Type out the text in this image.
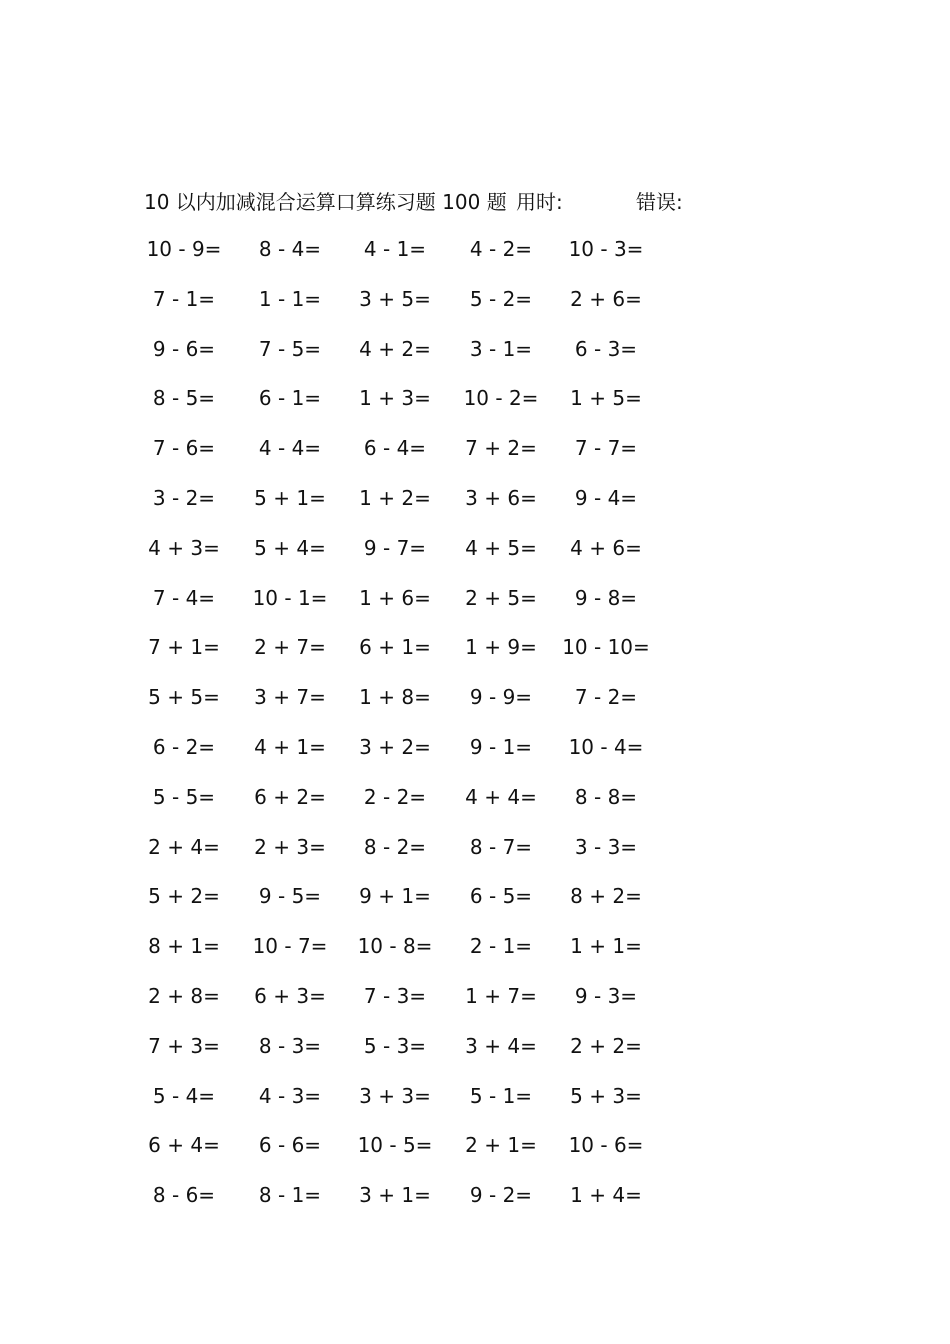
10 以内加减混合运算口算练习题 100 题 用时:	错误:
10 - 9=	8 - 4=	4 - 1=	4 - 2=	10 - 3=
7 - 1=	1 - 1=	3 + 5=	5 - 2=	2 + 6=
9 - 6=	7 - 5=	4 + 2=	3 - 1=	6 - 3=
8 - 5=	6 - 1=	1 + 3=	10 - 2=	1 + 5=
7 - 6=	4 - 4=	6 - 4=	7 + 2=	7 - 7=
3 - 2=	5 + 1=	1 + 2=	3 + 6=	9 - 4=
4 + 3=	5 + 4=	9 - 7=	4 + 5=	4 + 6=
7 - 4=	10 - 1=	1 + 6=	2 + 5=	9 - 8=
7 + 1=	2 + 7=	6 + 1=	1 + 9=	10 - 10=
5 + 5=	3 + 7=	1 + 8=	9 - 9=	7 - 2=
6 - 2=	4 + 1=	3 + 2=	9 - 1=	10 - 4=
5 - 5=	6 + 2=	2 - 2=	4 + 4=	8 - 8=
2 + 4=	2 + 3=	8 - 2=	8 - 7=	3 - 3=
5 + 2=	9 - 5=	9 + 1=	6 - 5=	8 + 2=
8 + 1=	10 - 7=	10 - 8=	2 - 1=	1 + 1=
2 + 8=	6 + 3=	7 - 3=	1 + 7=	9 - 3=
7 + 3=	8 - 3=	5 - 3=	3 + 4=	2 + 2=
5 - 4=	4 - 3=	3 + 3=	5 - 1=	5 + 3=
6 + 4=	6 - 6=	10 - 5=	2 + 1=	10 - 6=
8 - 6=	8 - 1=	3 + 1=	9 - 2=	1 + 4=
